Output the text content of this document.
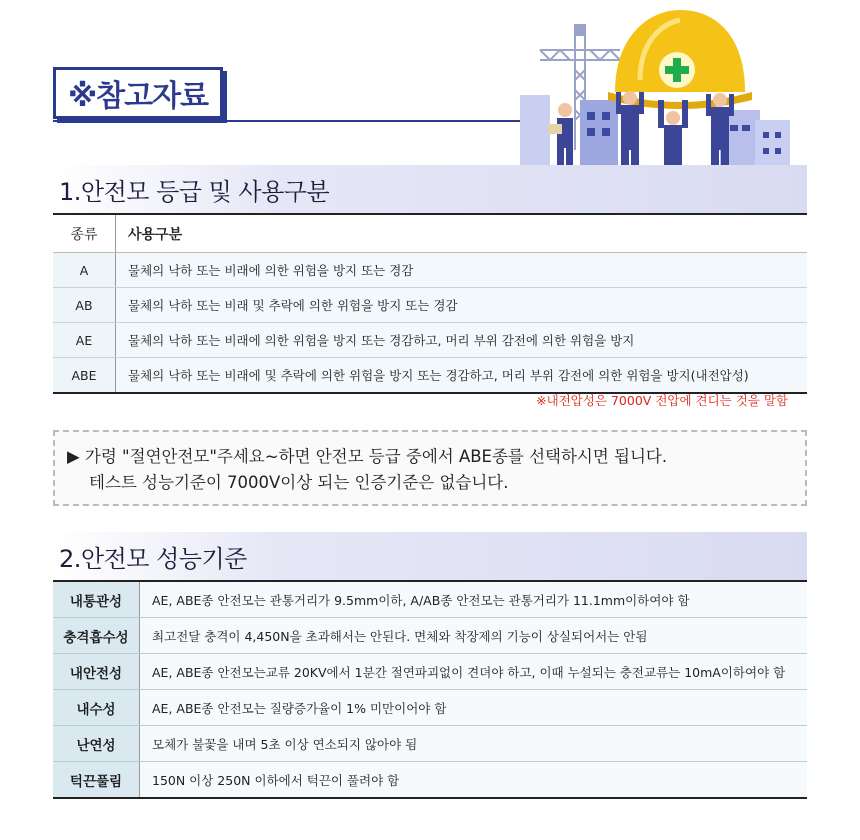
※참고자료
1.안전모 등급 및 사용구분
종류	사용구분
A	물체의 낙하 또는 비래에 의한 위험을 방지 또는 경감
AB	물체의 낙하 또는 비래 및 추락에 의한 위험을 방지 또는 경감
AE	물체의 낙하 또는 비래에 의한 위험을 방지 또는 경감하고, 머리 부위 감전에 의한 위험을 방지
ABE	물체의 낙하 또는 비래에 및 추락에 의한 위험을 방지 또는 경감하고, 머리 부위 감전에 의한 위험을 방지(내전압성)
※내전압성은 7000V 전압에 견디는 것을 말함
▶ 가령 "절연안전모"주세요~하면 안전모 등급 중에서 ABE종를 선택하시면 됩니다.
테스트 성능기준이 7000V이상 되는 인증기준은 없습니다.
2.안전모 성능기준
내통관성	AE, ABE종 안전모는 관통거리가 9.5mm이하, A/AB종 안전모는 관통거리가 11.1mm이하여야 함
충격흡수성	최고전달 충격이 4,450N을 초과해서는 안된다. 면체와 착장제의 기능이 상실되어서는 안됨
내안전성	AE, ABE종 안전모는교류 20KV에서 1분간 절연파괴없이 견뎌야 하고, 이때 누설되는 충전교류는 10mA이하여야 함
내수성	AE, ABE종 안전모는 질량증가율이 1% 미만이어야 함
난연성	모체가 불꽃을 내며 5초 이상 연소되지 않아야 됨
턱끈풀림	150N 이상 250N 이하에서 턱끈이 풀려야 함
